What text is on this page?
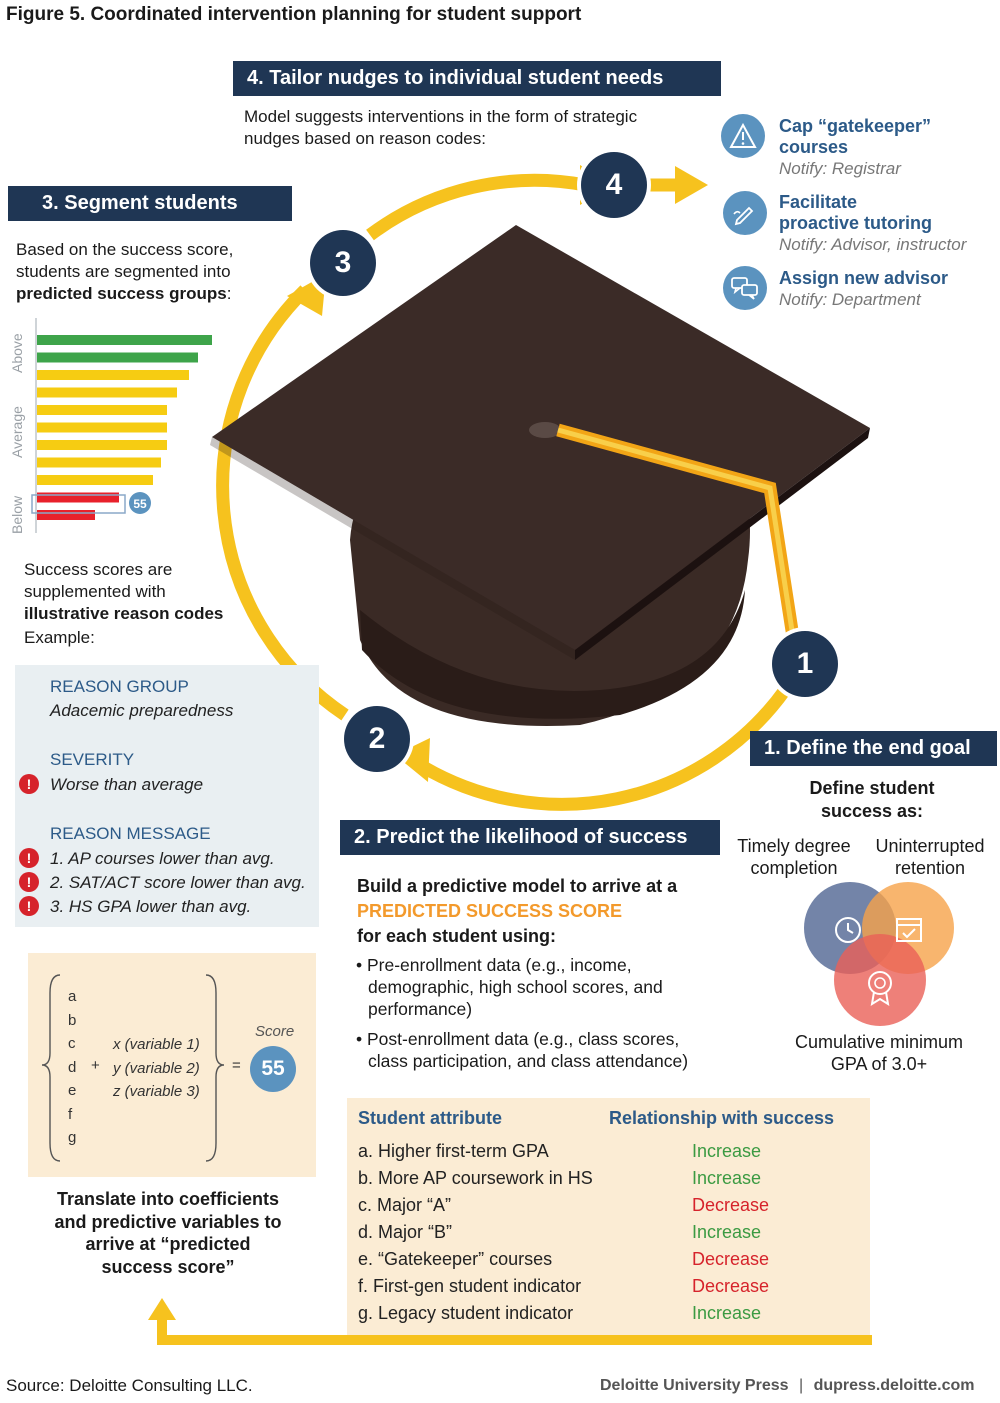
Figure 5. Coordinated intervention planning for student support
4
3
2
1
4. Tailor nudges to individual student needs
Model suggests interventions in the form of strategic
nudges based on reason codes:
Cap “gatekeeper”
courses
Notify: Registrar
Facilitate
proactive tutoring
Notify: Advisor, instructor
Assign new advisor
Notify: Department
3. Segment students
Based on the success score,
students are segmented into
predicted success groups:
Above
Average
Below	55
Success scores are
supplemented with
illustrative reason codes
Example:
REASON GROUP
Adacemic preparedness
SEVERITY
!	Worse than average
REASON MESSAGE
!	1. AP courses lower than avg.
!	2. SAT/ACT score lower than avg.
!	3. HS GPA lower than avg.
a
b
c
d
e
f
g
+
x (variable 1)
y (variable 2)
z (variable 3)
=
Score
55
Translate into coefficients
and predictive variables to
arrive at “predicted
success score”
2. Predict the likelihood of success
Build a predictive model to arrive at a
PREDICTED SUCCESS SCORE
for each student using:
• Pre-enrollment data (e.g., income,
demographic, high school scores, and
performance)
• Post-enrollment data (e.g., class scores,
class participation, and class attendance)
1. Define the end goal
Define student
success as:
Timely degree
completion
Uninterrupted
retention
Cumulative minimum
GPA of 3.0+
Student attribute	Relationship with success
a. Higher first-term GPA	Increase
b. More AP coursework in HS	Increase
c. Major “A”	Decrease
d. Major “B”	Increase
e. “Gatekeeper” courses	Decrease
f. First-gen student indicator	Decrease
g. Legacy student indicator	Increase
Source: Deloitte Consulting LLC.	Deloitte University Press | dupress.deloitte.com
